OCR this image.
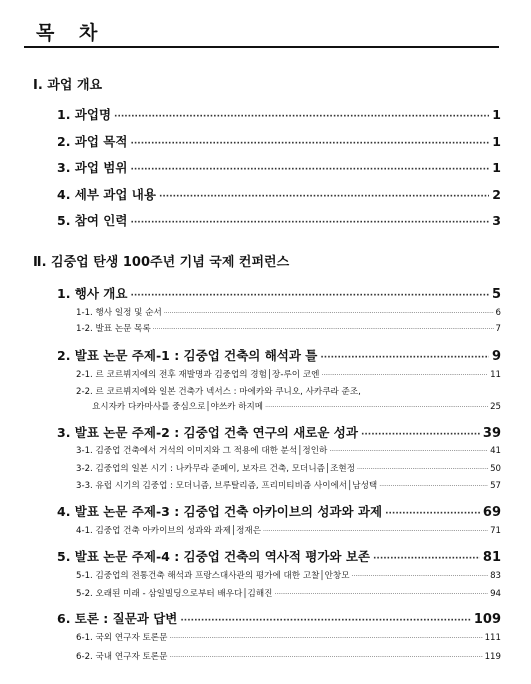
목 차
Ⅰ. 과업 개요
1. 과업명 ·····	1
2. 과업 목적 ·····	1
3. 과업 범위 ·····	1
4. 세부 과업 내용 ·····	2
5. 참여 인력 ·····	3
Ⅱ. 김중업 탄생 100주년 기념 국제 컨퍼런스
1. 행사 개요 ·····	5
1-1. 행사 일정 및 순서 ·····	6
1-2. 발표 논문 목록 ·····	7
2. 발표 논문 주제-1 : 김중업 건축의 해석과 틀 ·····	9
2-1. 르 코르뷔지에의 전후 재발명과 김중업의 경험│장-루이 코엔 ·····	11
2-2. 르 코르뷔지에와 일본 건축가 넥서스 : 마에카와 쿠니오, 사카쿠라 준조,
요시자카 다카마사를 중심으로│야쓰카 하지메 ·····	25
3. 발표 논문 주제-2 : 김중업 건축 연구의 새로운 성과 ·····	39
3-1. 김중업 건축에서 거석의 이미지와 그 적용에 대한 분석│정인하 ·····	41
3-2. 김중업의 일본 시기 : 나카무라 준페이, 보자르 건축, 모더니즘│조현정 ·····	50
3-3. 유럽 시기의 김중업 : 모더니즘, 브루탈리즘, 프리미티비즘 사이에서│남성택 ·····	57
4. 발표 논문 주제-3 : 김중업 건축 아카이브의 성과와 과제 ·····	69
4-1. 김중업 건축 아카이브의 성과와 과제│정재은 ·····	71
5. 발표 논문 주제-4 : 김중업 건축의 역사적 평가와 보존 ·····	81
5-1. 김중업의 전통건축 해석과 프랑스대사관의 평가에 대한 고찰│안창모 ·····	83
5-2. 오래된 미래 - 삼일빌딩으로부터 배우다│김해진 ·····	94
6. 토론 : 질문과 답변 ·····	109
6-1. 국외 연구자 토론문 ·····	111
6-2. 국내 연구자 토론문 ·····	119
